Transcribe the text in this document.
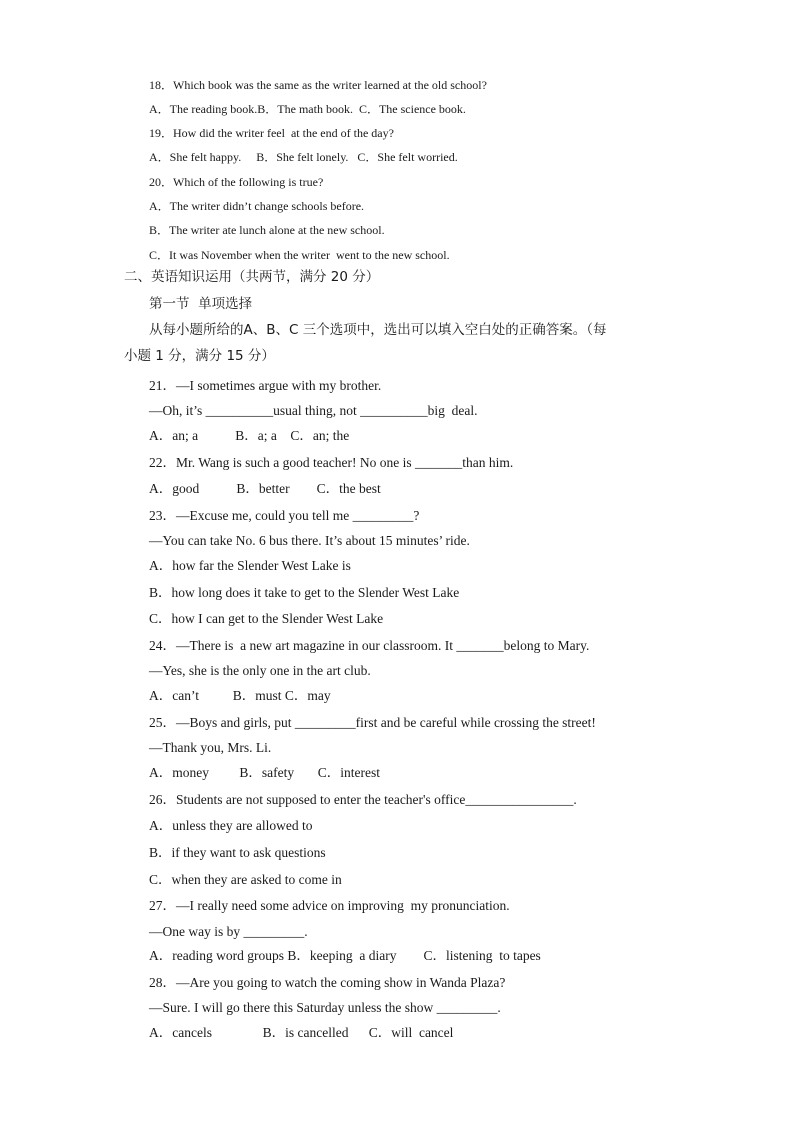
18．Which book was the same as the writer learned at the old school?
A．The reading book.B．The math book.  C．The science book.
19．How did the writer feel  at the end of the day?
A．She felt happy.     B．She felt lonely.   C．She felt worried.
20．Which of the following is true?
A．The writer didn’t change schools before.
B．The writer ate lunch alone at the new school.
C．It was November when the writer  went to the new school.
二、英语知识运用（共两节，满分 20 分）
第一节  单项选择
从每小题所给的A、B、C 三个选项中，选出可以填入空白处的正确答案。（每
小题 1 分，满分 15 分）
21．—I sometimes argue with my brother.
—Oh, it’s __________usual thing, not __________big  deal.
A．an; a           B．a; a    C．an; the
22．Mr. Wang is such a good teacher! No one is _______than him.
A．good           B．better        C．the best
23．—Excuse me, could you tell me _________?
—You can take No. 6 bus there. It’s about 15 minutes’ ride.
A．how far the Slender West Lake is
B．how long does it take to get to the Slender West Lake
C．how I can get to the Slender West Lake
24．—There is  a new art magazine in our classroom. It _______belong to Mary.
—Yes, she is the only one in the art club.
A．can’t          B．must C．may
25．—Boys and girls, put _________first and be careful while crossing the street!
—Thank you, Mrs. Li.
A．money         B．safety       C．interest
26．Students are not supposed to enter the teacher's office________________.
A．unless they are allowed to
B．if they want to ask questions
C．when they are asked to come in
27．—I really need some advice on improving  my pronunciation.
—One way is by _________.
A．reading word groups B．keeping  a diary        C．listening  to tapes
28．—Are you going to watch the coming show in Wanda Plaza?
—Sure. I will go there this Saturday unless the show _________.
A．cancels               B．is cancelled      C．will  cancel
